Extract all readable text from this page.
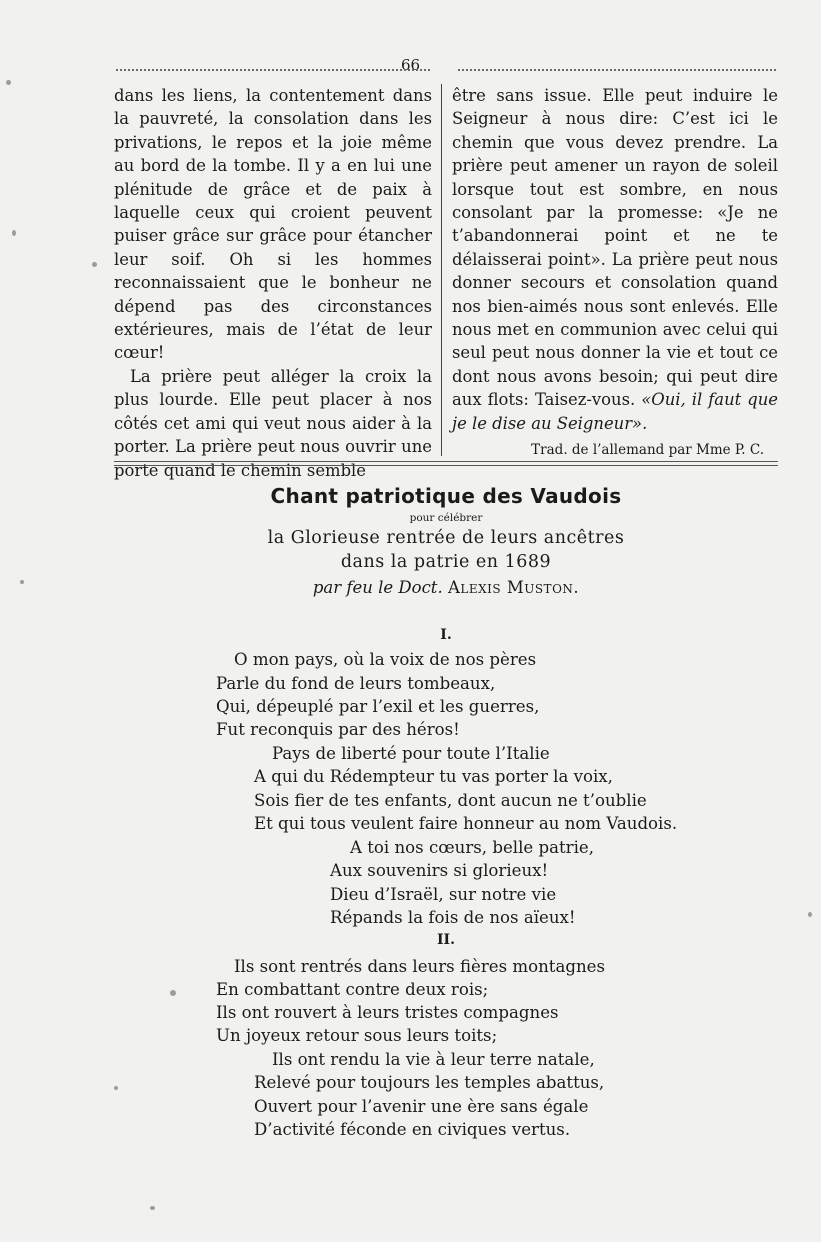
66

dans les liens, la contentement dans la pauvreté, la consolation dans les privations, le repos et la joie même au bord de la tombe. Il y a en lui une plénitude de grâce et de paix à laquelle ceux qui croient peuvent puiser grâce sur grâce pour étancher leur soif. Oh si les hommes reconnaissaient que le bonheur ne dépend pas des circonstances extérieures, mais de l’état de leur cœur!

La prière peut alléger la croix la plus lourde. Elle peut placer à nos côtés cet ami qui veut nous aider à la porter. La prière peut nous ouvrir une porte quand le chemin semble

être sans issue. Elle peut induire le Seigneur à nous dire: C’est ici le chemin que vous devez prendre. La prière peut amener un rayon de soleil lorsque tout est sombre, en nous consolant par la promesse: «Je ne t’abandonnerai point et ne te délaisserai point». La prière peut nous donner secours et consolation quand nos bien-aimés nous sont enlevés. Elle nous met en communion avec celui qui seul peut nous donner la vie et tout ce dont nous avons besoin; qui peut dire aux flots: Taisez-vous. «Oui, il faut que je le dise au Seigneur».

Trad. de l’allemand par Mme P. C.
Chant patriotique des Vaudois
pour célébrer
la Glorieuse rentrée de leurs ancêtres
dans la patrie en 1689
par feu le Doct. Alexis Muston.
I.
O mon pays, où la voix de nos pères
Parle du fond de leurs tombeaux,
Qui, dépeuplé par l’exil et les guerres,
Fut reconquis par des héros!
Pays de liberté pour toute l’Italie
A qui du Rédempteur tu vas porter la voix,
Sois fier de tes enfants, dont aucun ne t’oublie
Et qui tous veulent faire honneur au nom Vaudois.
A toi nos cœurs, belle patrie,
Aux souvenirs si glorieux!
Dieu d’Israël, sur notre vie
Répands la fois de nos aïeux!
II.
Ils sont rentrés dans leurs fières montagnes
En combattant contre deux rois;
Ils ont rouvert à leurs tristes compagnes
Un joyeux retour sous leurs toits;
Ils ont rendu la vie à leur terre natale,
Relevé pour toujours les temples abattus,
Ouvert pour l’avenir une ère sans égale
D’activité féconde en civiques vertus.
